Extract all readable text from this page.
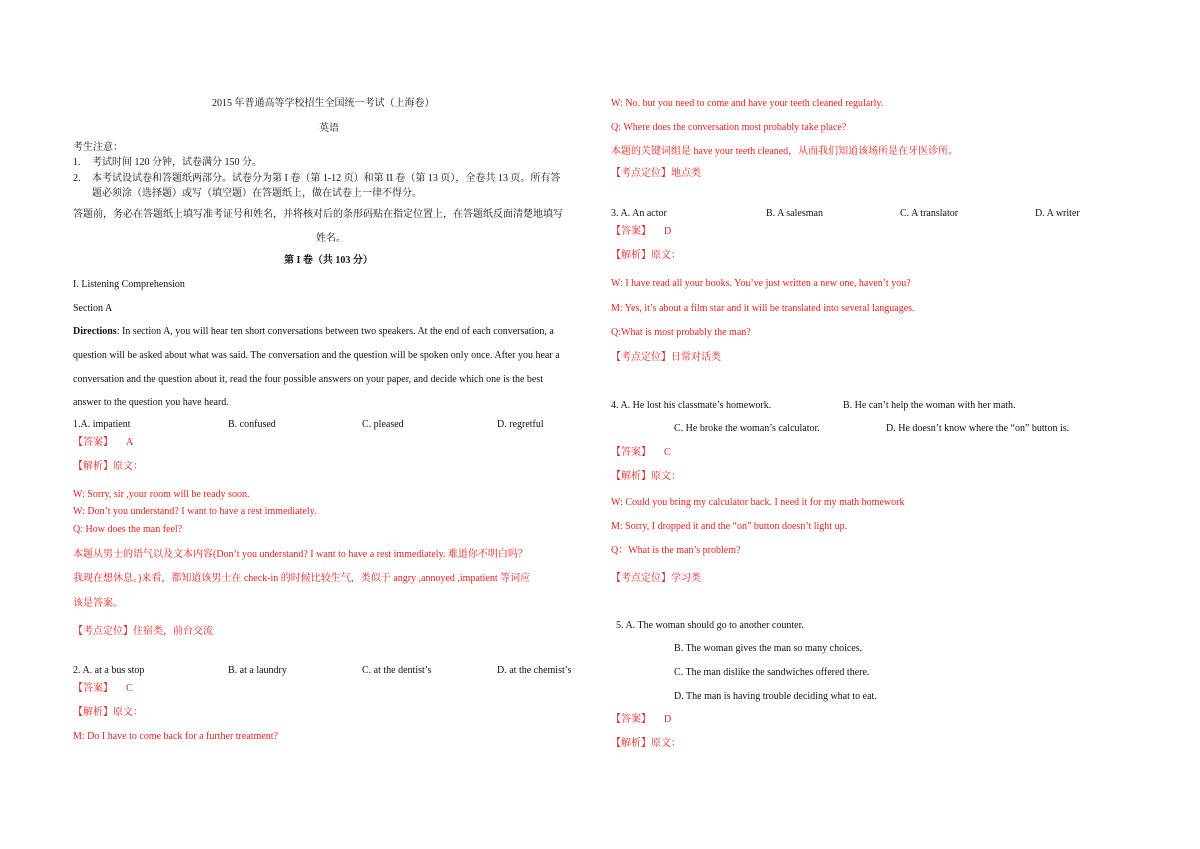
2015 年普通高等学校招生全国统一考试（上海卷）
英语
考生注意：
1. 考试时间 120 分钟，试卷满分 150 分。
2. 本考试设试卷和答题纸两部分。试卷分为第 I 卷（第 1-12 页）和第 II 卷（第 13 页），全卷共 13 页。所有答
题必须涂（选择题）或写（填空题）在答题纸上，做在试卷上一律不得分。
答题前，务必在答题纸上填写准考证号和姓名，并将核对后的条形码贴在指定位置上，在答题纸反面清楚地填写
姓名。
第 I 卷（共 103 分）
I. Listening Comprehension
Section A
Directions: In section A, you will hear ten short conversations between two speakers. At the end of each conversation, a
question will be asked about what was said. The conversation and the question will be spoken only once. After you hear a
conversation and the question about it, read the four possible answers on your paper, and decide which one is the best
answer to the question you have heard.
1.A. impatient	B. confused	C. pleased	D. regretful
【答案】 A
【解析】原文：
W: Sorry, sir ,your room will be ready soon.
W: Don’t you understand? I want to have a rest immediately.
Q: How does the man feel?
本题从男士的语气以及文本内容(Don’t you understand? I want to have a rest immediately. 难道你不明白吗？
我现在想休息。)来看，都知道该男士在 check-in 的时候比较生气，类似于 angry ,annoyed ,impatient 等词应
该是答案。
【考点定位】住宿类，前台交流
2. A. at a bus stop	B. at a laundry	C. at the dentist’s	D. at the chemist’s
【答案】 C
【解析】原文：
M: Do I have to come back for a further treatment?
W: No. but you need to come and have your teeth cleaned regularly.
Q: Where does the conversation most probably take place?
本题的关键词组是 have your teeth cleaned，从而我们知道该场所是在牙医诊所。
【考点定位】地点类
3. A. An actor	B. A salesman	C. A translator	D. A writer
【答案】 D
【解析】原文：
W: I have read all your books. You’ve just written a new one, haven’t you?
M: Yes, it’s about a film star and it will be translated into several languages.
Q:What is most probably the man?
【考点定位】日常对话类
4. A. He lost his classmate’s homework.	B. He can’t help the woman with her math.
C. He broke the woman’s calculator.	D. He doesn’t know where the “on” button is.
【答案】 C
【解析】原文：
W: Could you bring my calculator back. I need it for my math homework
M: Sorry, I dropped it and the “on” button doesn’t light up.
Q：What is the man’s problem?
【考点定位】学习类
5. A. The woman should go to another counter.
B. The woman gives the man so many choices.
C. The man dislike the sandwiches offered there.
D. The man is having trouble deciding what to eat.
【答案】 D
【解析】原文：
